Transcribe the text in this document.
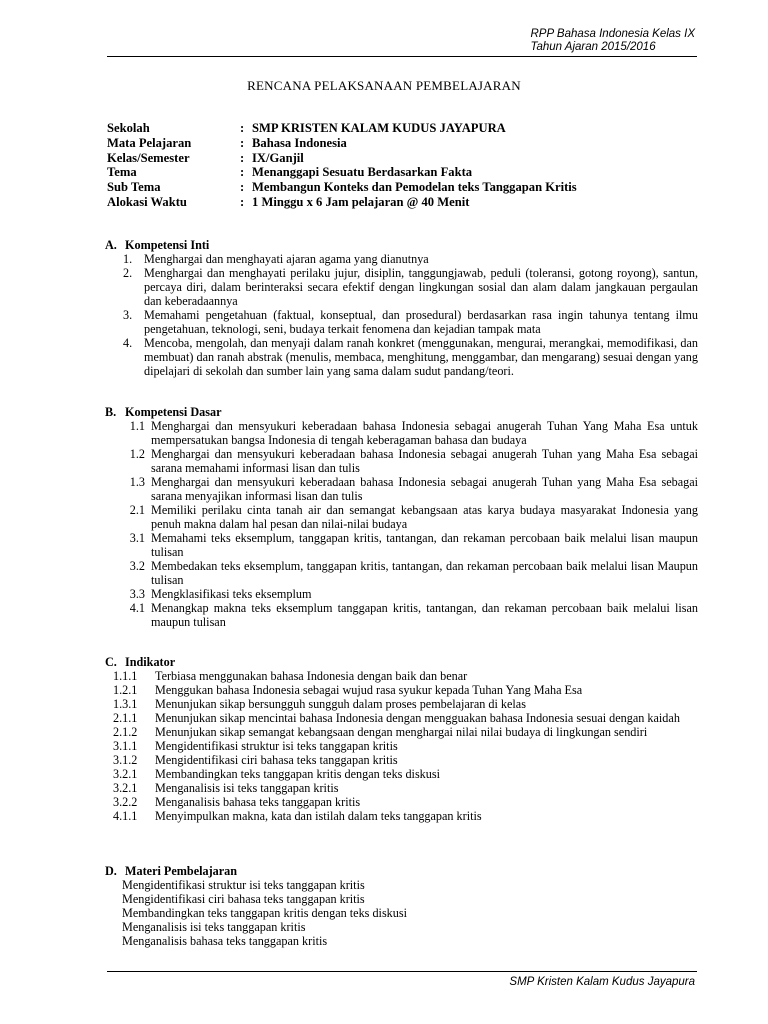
RPP Bahasa Indonesia Kelas IX
Tahun Ajaran 2015/2016
RENCANA PELAKSANAAN PEMBELAJARAN
Sekolah	: SMP KRISTEN KALAM KUDUS JAYAPURA
Mata Pelajaran	: Bahasa Indonesia
Kelas/Semester	: IX/Ganjil
Tema	: Menanggapi Sesuatu Berdasarkan Fakta
Sub Tema	: Membangun Konteks dan Pemodelan teks Tanggapan Kritis
Alokasi Waktu	: 1 Minggu x 6 Jam pelajaran @ 40 Menit
A. Kompetensi Inti
1. Menghargai dan menghayati ajaran agama yang dianutnya
2. Menghargai dan menghayati perilaku jujur, disiplin, tanggungjawab, peduli (toleransi, gotong royong), santun, percaya diri, dalam berinteraksi secara efektif dengan lingkungan sosial dan alam dalam jangkauan pergaulan dan keberadaannya
3. Memahami pengetahuan (faktual, konseptual, dan prosedural) berdasarkan rasa ingin tahunya tentang ilmu pengetahuan, teknologi, seni, budaya terkait fenomena dan kejadian tampak mata
4. Mencoba, mengolah, dan menyaji dalam ranah konkret (menggunakan, mengurai, merangkai, memodifikasi, dan membuat) dan ranah abstrak (menulis, membaca, menghitung, menggambar, dan mengarang) sesuai dengan yang dipelajari di sekolah dan sumber lain yang sama dalam sudut pandang/teori.
B. Kompetensi Dasar
1.1 Menghargai dan mensyukuri keberadaan bahasa Indonesia sebagai anugerah Tuhan Yang Maha Esa untuk mempersatukan bangsa Indonesia di tengah keberagaman bahasa dan budaya
1.2 Menghargai dan mensyukuri keberadaan bahasa Indonesia sebagai anugerah Tuhan yang Maha Esa sebagai sarana memahami informasi lisan dan tulis
1.3 Menghargai dan mensyukuri keberadaan bahasa Indonesia sebagai anugerah Tuhan yang Maha Esa sebagai sarana menyajikan informasi lisan dan tulis
2.1 Memiliki perilaku cinta tanah air dan semangat kebangsaan atas karya budaya masyarakat Indonesia yang penuh makna dalam hal pesan dan nilai-nilai budaya
3.1 Memahami teks eksemplum, tanggapan kritis, tantangan, dan rekaman percobaan baik melalui lisan maupun tulisan
3.2 Membedakan teks eksemplum, tanggapan kritis, tantangan, dan rekaman percobaan baik melalui lisan Maupun tulisan
3.3 Mengklasifikasi teks eksemplum
4.1 Menangkap makna teks eksemplum tanggapan kritis, tantangan, dan rekaman percobaan baik melalui lisan maupun tulisan
C. Indikator
1.1.1	Terbiasa menggunakan bahasa Indonesia dengan baik dan benar
1.2.1	Menggukan bahasa Indonesia sebagai wujud rasa syukur kepada Tuhan Yang Maha Esa
1.3.1	Menunjukan sikap bersungguh sungguh dalam proses pembelajaran di kelas
2.1.1	Menunjukan sikap mencintai bahasa Indonesia dengan mengguakan bahasa Indonesia sesuai dengan kaidah
2.1.2	Menunjukan sikap semangat kebangsaan dengan menghargai nilai nilai budaya di lingkungan sendiri
3.1.1	Mengidentifikasi struktur isi teks tanggapan kritis
3.1.2	Mengidentifikasi ciri bahasa teks tanggapan kritis
3.2.1	Membandingkan teks tanggapan kritis dengan teks diskusi
3.2.1	Menganalisis isi teks tanggapan kritis
3.2.2	Menganalisis bahasa teks tanggapan kritis
4.1.1	Menyimpulkan makna, kata dan istilah dalam teks tanggapan kritis
D. Materi Pembelajaran
Mengidentifikasi struktur isi teks tanggapan kritis
Mengidentifikasi ciri bahasa teks tanggapan kritis
Membandingkan teks tanggapan kritis dengan teks diskusi
Menganalisis isi teks tanggapan kritis
Menganalisis bahasa teks tanggapan kritis
SMP Kristen Kalam Kudus Jayapura
